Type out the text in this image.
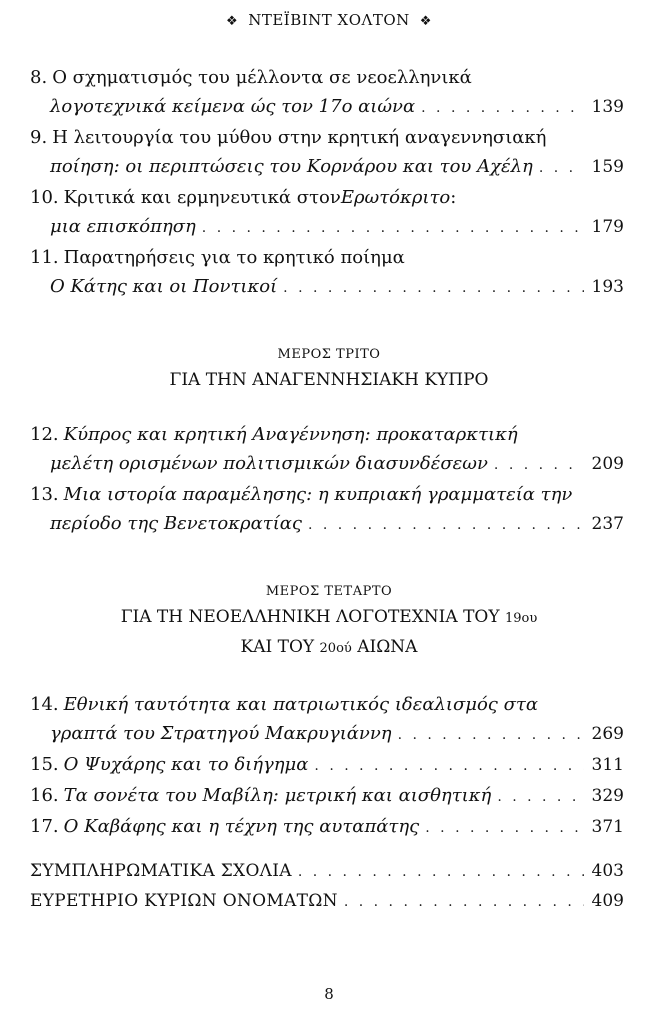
❖ ΝΤΕΪΒΙΝΤ ΧΟΛΤΟΝ ❖
8. Ο σχηματισμός του μέλλοντα σε νεοελληνικά
λογοτεχνικά κείμενα ώς τον 17ο αιώνα . . .	139
9. Η λειτουργία του μύθου στην κρητική αναγεννησιακή
ποίηση: οι περιπτώσεις του Κορνάρου και του Αχέλη . . .	159
10. Κριτικά και ερμηνευτικά στον Ερωτόκριτο :
μια επισκόπηση . . .	179
11. Παρατηρήσεις για το κρητικό ποίημα
Ο Κάτης και οι Ποντικοί . . .	193
ΜΕΡΟΣ ΤΡΙΤΟ
ΓΙΑ ΤΗΝ ΑΝΑΓΕΝΝΗΣΙΑΚΗ ΚΥΠΡΟ
12. Κύπρος και κρητική Αναγέννηση: προκαταρκτική
μελέτη ορισμένων πολιτισμικών διασυνδέσεων . . .	209
13. Μια ιστορία παραμέλησης: η κυπριακή γραμματεία την
περίοδο της Βενετοκρατίας . . .	237
ΜΕΡΟΣ ΤΕΤΑΡΤΟ
ΓΙΑ ΤΗ ΝΕΟΕΛΛΗΝΙΚΗ ΛΟΓΟΤΕΧΝΙΑ ΤΟΥ 19ου
ΚΑΙ ΤΟΥ 20ού ΑΙΩΝΑ
14. Εθνική ταυτότητα και πατριωτικός ιδεαλισμός στα
γραπτά του Στρατηγού Μακρυγιάννη . . .	269
15. Ο Ψυχάρης και το διήγημα . . .	311
16. Τα σονέτα του Μαβίλη: μετρική και αισθητική . . .	329
17. Ο Καβάφης και η τέχνη της αυταπάτης . . .	371
ΣΥΜΠΛΗΡΩΜΑΤΙΚΑ ΣΧΟΛΙΑ . . .	403
ΕΥΡΕΤΗΡΙΟ ΚΥΡΙΩΝ ΟΝΟΜΑΤΩΝ . . .	409
8
